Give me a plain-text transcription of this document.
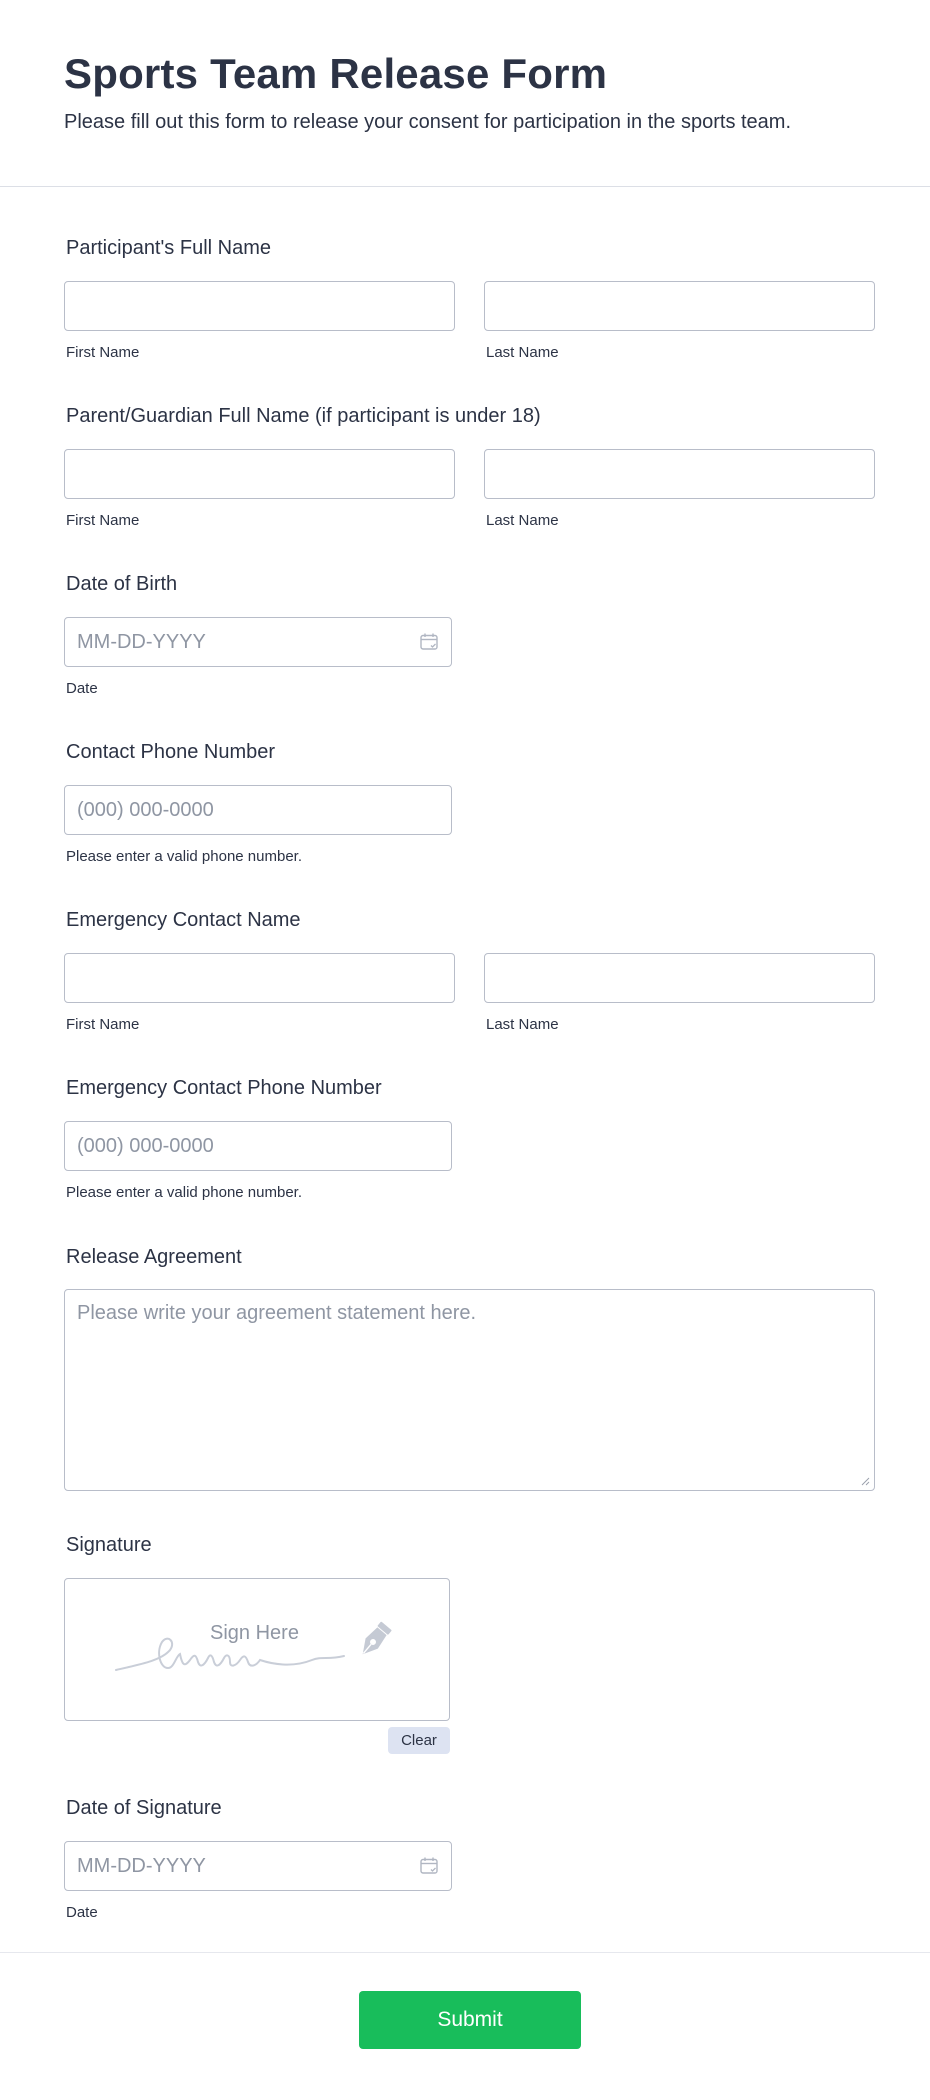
Sports Team Release Form

Please fill out this form to release your consent for participation in the sports team.

Participant's Full Name
First Name	Last Name
Parent/Guardian Full Name (if participant is under 18)
First Name	Last Name
Date of Birth
MM-DD-YYYY
Date
Contact Phone Number
(000) 000-0000
Please enter a valid phone number.
Emergency Contact Name
First Name	Last Name
Emergency Contact Phone Number
(000) 000-0000
Please enter a valid phone number.
Release Agreement
Please write your agreement statement here.
Signature
Sign Here
Clear
Date of Signature
MM-DD-YYYY
Date
Submit
